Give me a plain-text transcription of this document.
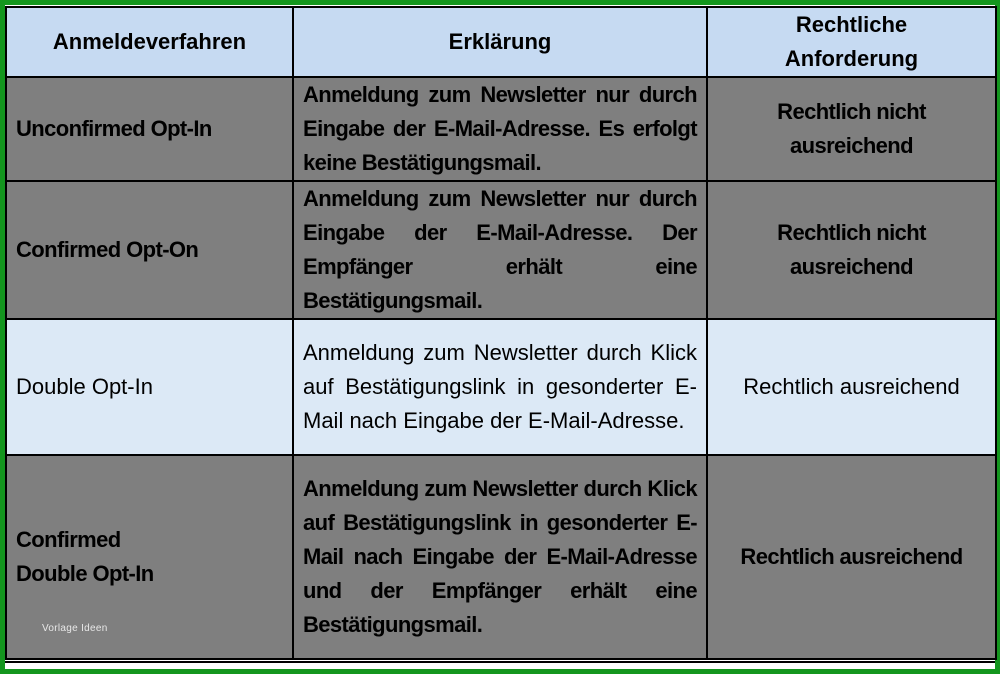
Anmeldeverfahren	Erklärung	Rechtliche
Anforderung
Unconfirmed Opt-In	Anmeldung zum Newsletter nur durch Eingabe der E-Mail-Adresse. Es erfolgt keine Bestätigungsmail.	Rechtlich nicht
ausreichend
Confirmed Opt-On	Anmeldung zum Newsletter nur durch Eingabe der E-Mail-Adresse. Der Empfänger erhält eine Bestätigungsmail.	Rechtlich nicht
ausreichend
Double Opt-In	Anmeldung zum Newsletter durch Klick auf Bestätigungslink in gesonderter E-Mail nach Eingabe der E-Mail-Adresse.	Rechtlich ausreichend
Confirmed
Double Opt-In	Anmeldung zum Newsletter durch Klick auf Bestätigungslink in gesonderter E-Mail nach Eingabe der E-Mail-Adresse und der Empfänger erhält eine Bestätigungsmail.	Rechtlich ausreichend
Vorlage Ideen
